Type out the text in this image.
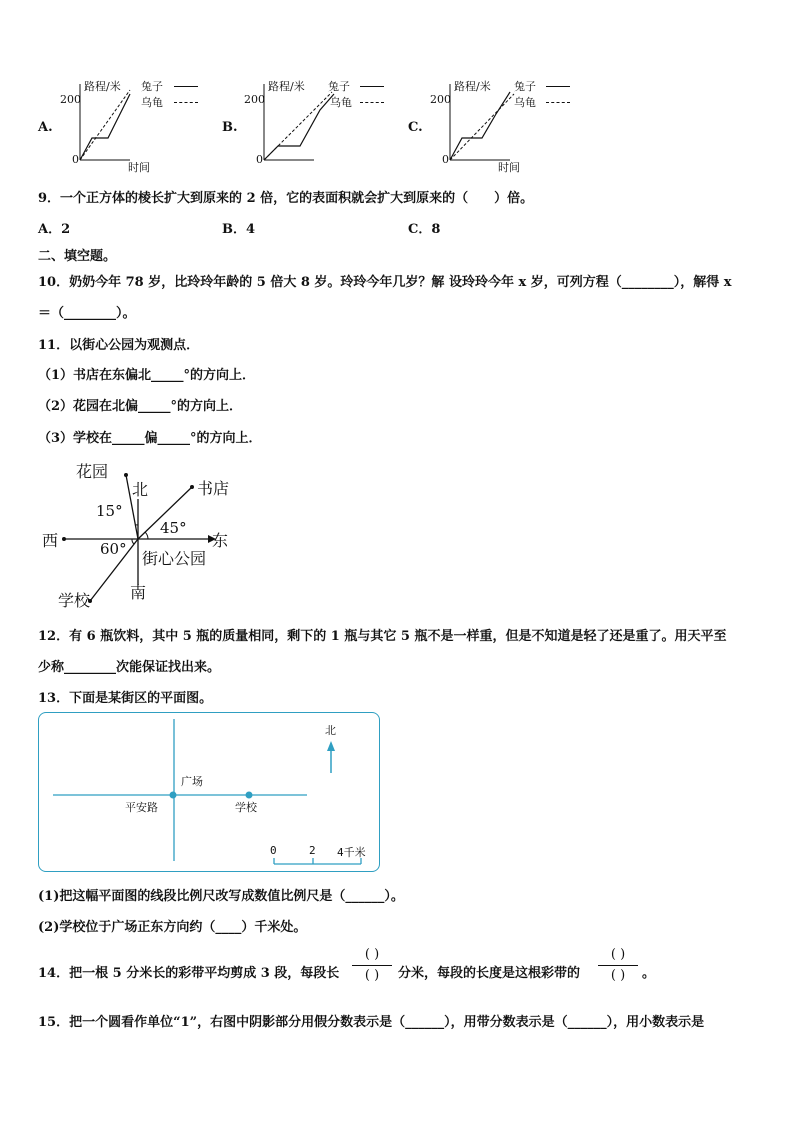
A.
路程/米
200
0
时间
兔子
乌龟
B.
路程/米
200
0
兔子
乌龟
C.
路程/米
200
0
时间
兔子
乌龟
9．一个正方体的棱长扩大到原来的 2 倍，它的表面积就会扩大到原来的（　　）倍。
A．2	B．4	C．8
二、填空题。
10．奶奶今年 78 岁，比玲玲年龄的 5 倍大 8 岁。玲玲今年几岁？解 设玲玲今年 x 岁，可列方程（________），解得 x
＝（________）。
11．以街心公园为观测点．
（1）书店在东偏北_____°的方向上．
（2）花园在北偏_____°的方向上．
（3）学校在_____偏_____°的方向上．
花园
北	书店
15°
45°
西	东
60° 街心公园
学校 南
12．有 6 瓶饮料，其中 5 瓶的质量相同，剩下的 1 瓶与其它 5 瓶不是一样重，但是不知道是轻了还是重了。用天平至
少称________次能保证找出来。
13．下面是某街区的平面图。
北
广场
平安路	学校
0	2 4千米
(1)把这幅平面图的线段比例尺改写成数值比例尺是（______）。
(2)学校位于广场正东方向约（____）千米处。
14．把一根 5 分米长的彩带平均剪成 3 段，每段长
( )
( )	分米，每段的长度是这根彩带的
( )
( )	。
15．把一个圆看作单位“1”，右图中阴影部分用假分数表示是（______），用带分数表示是（______），用小数表示是
